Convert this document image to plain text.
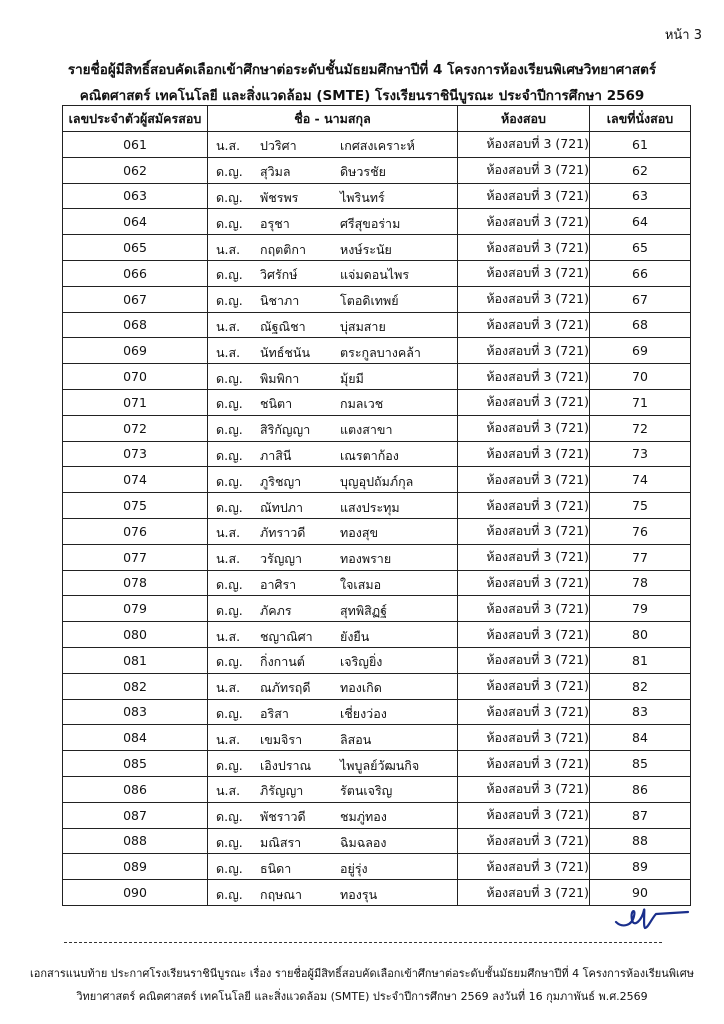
หน้า 3
รายชื่อผู้มีสิทธิ์สอบคัดเลือกเข้าศึกษาต่อระดับชั้นมัธยมศึกษาปีที่ 4 โครงการห้องเรียนพิเศษวิทยาศาสตร์
คณิตศาสตร์ เทคโนโลยี และสิ่งแวดล้อม (SMTE) โรงเรียนราชินีบูรณะ ประจำปีการศึกษา 2569
เลขประจำตัวผู้สมัครสอบ	ชื่อ - นามสกุล	ห้องสอบ	เลขที่นั่งสอบ
061	น.ส. ปวริศา เกศสงเคราะห์	ห้องสอบที่ 3 (721)	61
062	ด.ญ. สุวิมล ดิษวรชัย	ห้องสอบที่ 3 (721)	62
063	ด.ญ. พัชรพร ไพรินทร์	ห้องสอบที่ 3 (721)	63
064	ด.ญ. อรุชา ศรีสุขอร่าม	ห้องสอบที่ 3 (721)	64
065	น.ส. กฤตติกา หงษ์ระนัย	ห้องสอบที่ 3 (721)	65
066	ด.ญ. วิศรักษ์ แจ่มดอนไพร	ห้องสอบที่ 3 (721)	66
067	ด.ญ. นิชาภา โตอดิเทพย์	ห้องสอบที่ 3 (721)	67
068	น.ส. ณัฐณิชา บุ่สมสาย	ห้องสอบที่ 3 (721)	68
069	น.ส. นัทธ์ชนัน ตระกูลบางคล้า	ห้องสอบที่ 3 (721)	69
070	ด.ญ. พิมพิกา มุ้ยมี	ห้องสอบที่ 3 (721)	70
071	ด.ญ. ชนิตา กมลเวช	ห้องสอบที่ 3 (721)	71
072	ด.ญ. สิริกัญญา แตงสาขา	ห้องสอบที่ 3 (721)	72
073	ด.ญ. ภาสินี เณรตาก้อง	ห้องสอบที่ 3 (721)	73
074	ด.ญ. ภูริชญา บุญอุปถัมภ์กุล	ห้องสอบที่ 3 (721)	74
075	ด.ญ. ณัทปภา แสงประทุม	ห้องสอบที่ 3 (721)	75
076	น.ส. ภัทราวดี ทองสุข	ห้องสอบที่ 3 (721)	76
077	น.ส. วรัญญา ทองพราย	ห้องสอบที่ 3 (721)	77
078	ด.ญ. อาศิรา ใจเสมอ	ห้องสอบที่ 3 (721)	78
079	ด.ญ. ภัคภร สุทพิสิฏฐ์	ห้องสอบที่ 3 (721)	79
080	น.ส. ชญาณิศา ยังยืน	ห้องสอบที่ 3 (721)	80
081	ด.ญ. กิ่งกานต์ เจริญยิ่ง	ห้องสอบที่ 3 (721)	81
082	น.ส. ณภัทรฤดี ทองเกิด	ห้องสอบที่ 3 (721)	82
083	ด.ญ. อริสา เชี่ยงว่อง	ห้องสอบที่ 3 (721)	83
084	น.ส. เขมจิรา ลิสอน	ห้องสอบที่ 3 (721)	84
085	ด.ญ. เอิงปราณ ไพบูลย์วัฒนกิจ	ห้องสอบที่ 3 (721)	85
086	น.ส. ภิรัญญา รัตนเจริญ	ห้องสอบที่ 3 (721)	86
087	ด.ญ. พัชราวดี ชมภู่ทอง	ห้องสอบที่ 3 (721)	87
088	ด.ญ. มณิสรา ฉิมฉลอง	ห้องสอบที่ 3 (721)	88
089	ด.ญ. ธนิดา อยู่รุ่ง	ห้องสอบที่ 3 (721)	89
090	ด.ญ. กฤษณา ทองรุน	ห้องสอบที่ 3 (721)	90
เอกสารแนบท้าย ประกาศโรงเรียนราชินีบูรณะ เรื่อง รายชื่อผู้มีสิทธิ์สอบคัดเลือกเข้าศึกษาต่อระดับชั้นมัธยมศึกษาปีที่ 4 โครงการห้องเรียนพิเศษ
วิทยาศาสตร์ คณิตศาสตร์ เทคโนโลยี และสิ่งแวดล้อม (SMTE) ประจำปีการศึกษา 2569 ลงวันที่ 16 กุมภาพันธ์ พ.ศ.2569
